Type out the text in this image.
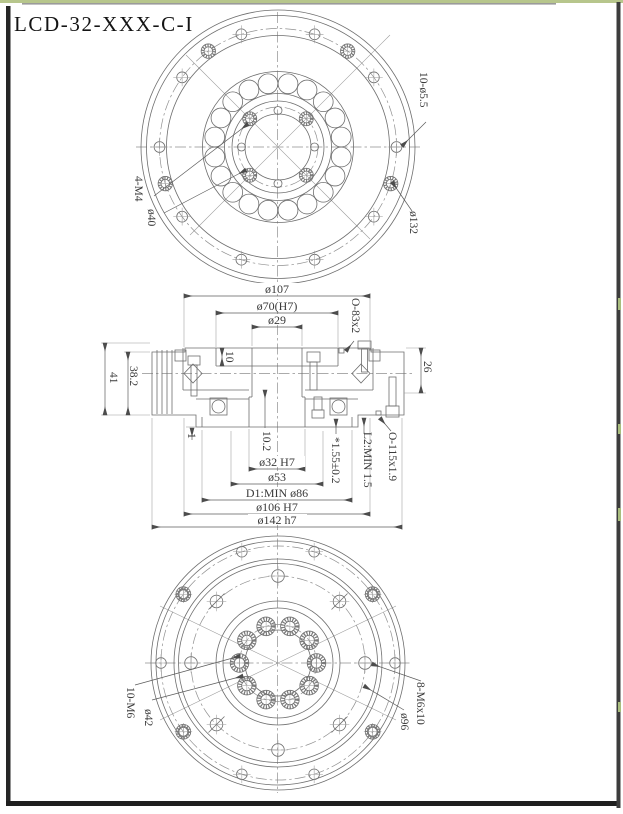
LCD-32-XXX-C-I
10-ø5.5
ø132
4-M4
ø40
ø107
ø70(H7)
ø29
ø32 H7
ø53
D1:MIN ø86
ø106 H7
ø142 h7
O-83x2
10
26
41 38.2
1	10.2	*1.55±0.2 L2:MIN 1.5 O-115x1.9
10-M6 ø42	8-M6x10
ø96
